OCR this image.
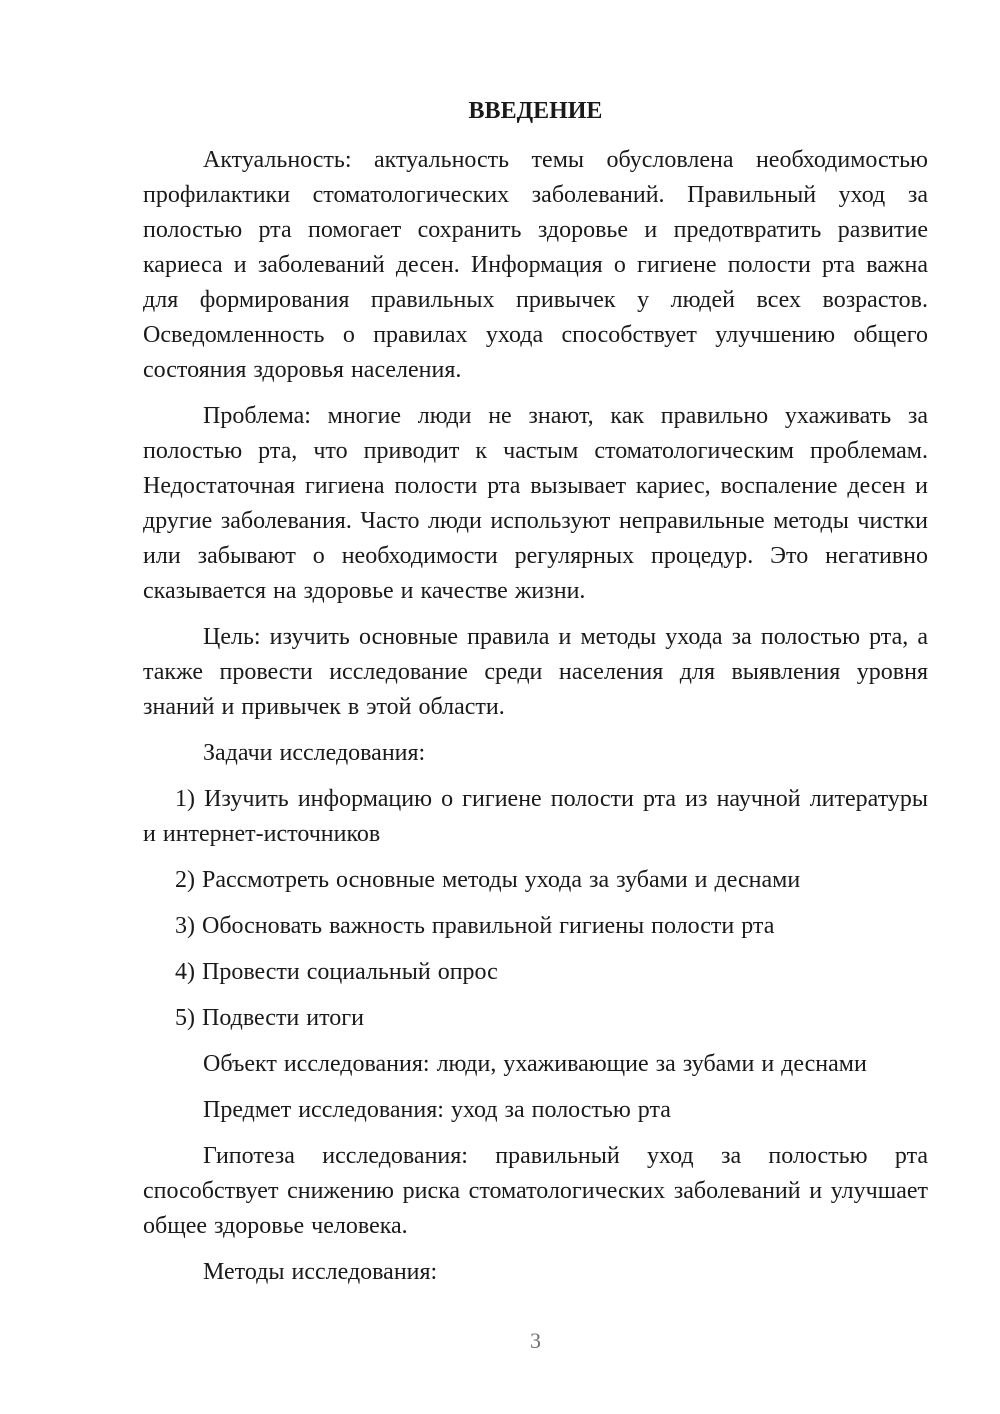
ВВЕДЕНИЕ

Актуальность: актуальность темы обусловлена необходимостью профилактики стоматологических заболеваний. Правильный уход за полостью рта помогает сохранить здоровье и предотвратить развитие кариеса и заболеваний десен. Информация о гигиене полости рта важна для формирования правильных привычек у людей всех возрастов. Осведомленность о правилах ухода способствует улучшению общего состояния здоровья населения.

Проблема: многие люди не знают, как правильно ухаживать за полостью рта, что приводит к частым стоматологическим проблемам. Недостаточная гигиена полости рта вызывает кариес, воспаление десен и другие заболевания. Часто люди используют неправильные методы чистки или забывают о необходимости регулярных процедур. Это негативно сказывается на здоровье и качестве жизни.

Цель: изучить основные правила и методы ухода за полостью рта, а также провести исследование среди населения для выявления уровня знаний и привычек в этой области.

Задачи исследования:

1) Изучить информацию о гигиене полости рта из научной литературы и интернет-источников

2) Рассмотреть основные методы ухода за зубами и деснами

3) Обосновать важность правильной гигиены полости рта

4) Провести социальный опрос

5) Подвести итоги

Объект исследования: люди, ухаживающие за зубами и деснами

Предмет исследования: уход за полостью рта

Гипотеза исследования: правильный уход за полостью рта способствует снижению риска стоматологических заболеваний и улучшает общее здоровье человека.

Методы исследования:

3
